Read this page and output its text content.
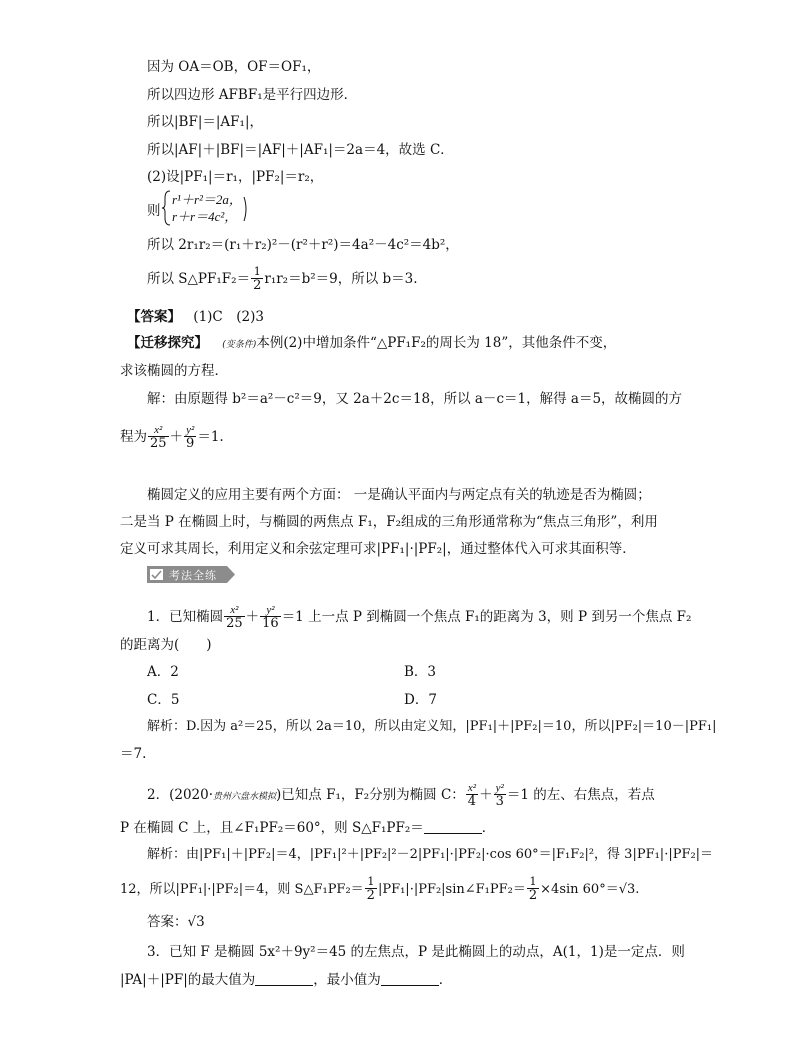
因为 OA＝OB，OF＝OF₁，
所以四边形 AFBF₁是平行四边形．
所以|BF|＝|AF₁|，
所以|AF|＋|BF|＝|AF|＋|AF₁|＝2a＝4，故选 C．
(2)设|PF₁|＝r₁，|PF₂|＝r₂，
则
r¹＋r²＝2a，
r＋r＝4c²，
所以 2r₁r₂＝(r₁＋r₂)²－(r²＋r²)＝4a²－4c²＝4b²，
所以 S△PF₁F₂＝ $\frac{1}{2} r_1r_2=b^2=9$，所以 b＝3.
【答案】 (1)C　(2)3
【迁移探究】 (变条件)本例(2)中增加条件“△PF₁F₂的周长为 18”，其他条件不变，
求该椭圆的方程．
解：由原题得 b²＝a²－c²＝9，又 2a＋2c＝18，所以 a－c＝1，解得 a＝5，故椭圆的方
程为 $\frac{\text{x²}}{25} + \frac{\text{y²}}{9} =1$.
椭圆定义的应用主要有两个方面： 一是确认平面内与两定点有关的轨迹是否为椭圆；
二是当 P 在椭圆上时，与椭圆的两焦点 F₁，F₂组成的三角形通常称为“焦点三角形”，利用
定义可求其周长，利用定义和余弦定理可求|PF₁|·|PF₂|，通过整体代入可求其面积等．
考法全练
1．已知椭圆 $\frac{\text{x²}}{25} + \frac{\text{y²}}{16} =1$ 上一点 P 到椭圆一个焦点 F₁的距离为 3，则 P 到另一个焦点 F₂
的距离为(　　)
A．2	B．3
C．5	D．7
解析：D.因为 a²＝25，所以 2a＝10，所以由定义知，|PF₁|＋|PF₂|＝10，所以|PF₂|＝10－|PF₁|
＝7.
2．(2020·贵州六盘水模拟)已知点 F₁，F₂分别为椭圆 C： $\frac{\text{x²}}{4} + \frac{\text{y²}}{3} =1$ 的左、右焦点，若点
P 在椭圆 C 上，且∠F₁PF₂＝60°，则 S△F₁PF₂＝	．
解析：由|PF₁|＋|PF₂|＝4，|PF₁|²＋|PF₂|²－2|PF₁|·|PF₂|·cos 60°＝|F₁F₂|²，得 3|PF₁|·|PF₂|＝
12，所以|PF₁|·|PF₂|＝4，则 S△F₁PF₂＝ $\frac{1}{2}$ |PF₁|·|PF₂|sin∠F₁PF₂＝ $\frac{1}{2} \times 4\sin$ 60°＝√3.
答案：√3
3．已知 F 是椭圆 5x²＋9y²＝45 的左焦点，P 是此椭圆上的动点，A(1，1)是一定点．则
|PA|＋|PF|的最大值为	，最小值为	．
